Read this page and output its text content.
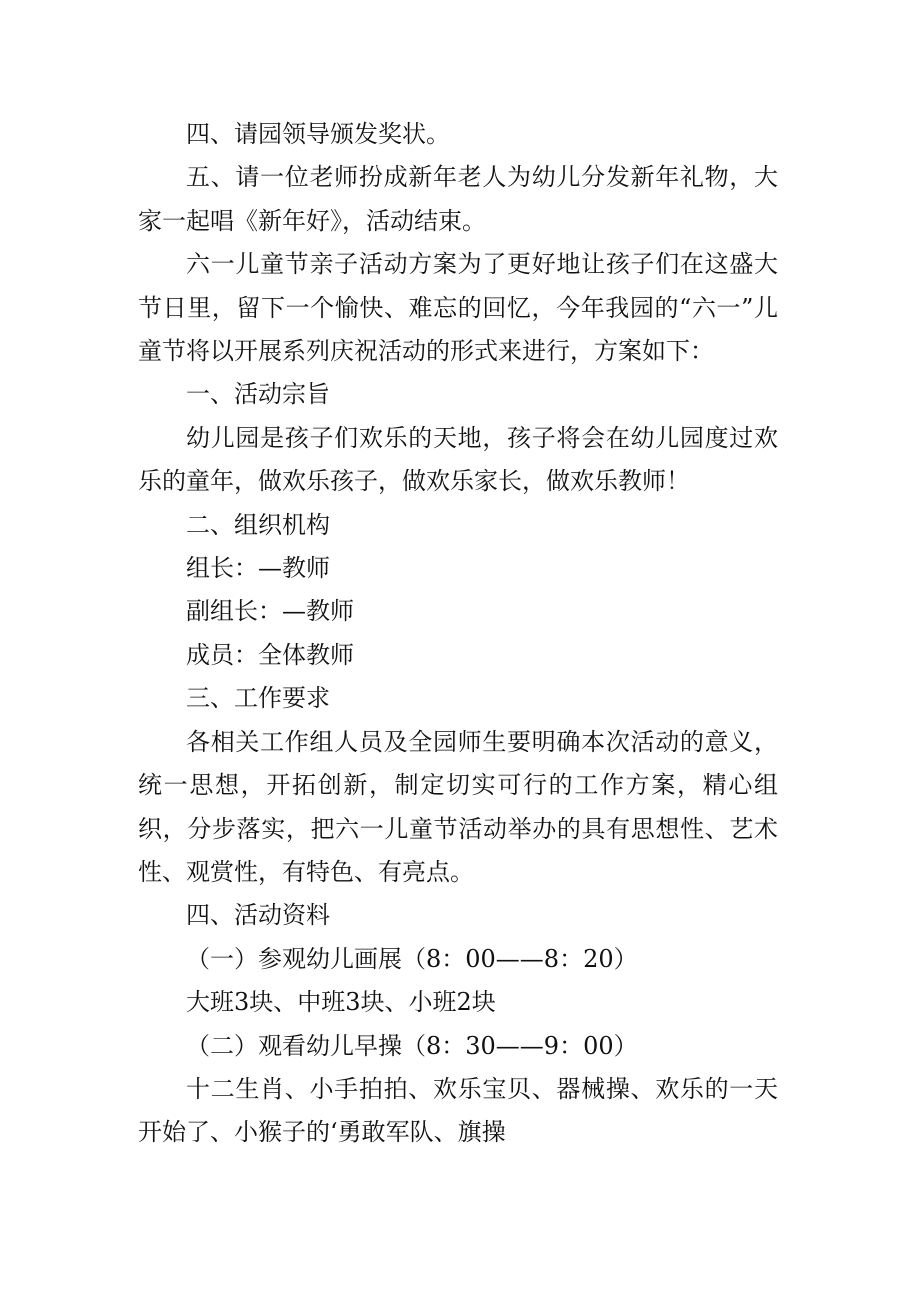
四、请园领导颁发奖状。

五、请一位老师扮成新年老人为幼儿分发新年礼物，大家一起唱《新年好》，活动结束。

六一儿童节亲子活动方案为了更好地让孩子们在这盛大节日里，留下一个愉快、难忘的回忆，今年我园的“六一”儿童节将以开展系列庆祝活动的形式来进行，方案如下：

一、活动宗旨

幼儿园是孩子们欢乐的天地，孩子将会在幼儿园度过欢乐的童年，做欢乐孩子，做欢乐家长，做欢乐教师！

二、组织机构

组长：—教师

副组长：—教师

成员：全体教师

三、工作要求

各相关工作组人员及全园师生要明确本次活动的意义，统一思想，开拓创新，制定切实可行的工作方案，精心组织，分步落实，把六一儿童节活动举办的具有思想性、艺术性、观赏性，有特色、有亮点。

四、活动资料

（一）参观幼儿画展（8：00——8：20）

大班3块、中班3块、小班2块

（二）观看幼儿早操（8：30——9：00）

十二生肖、小手拍拍、欢乐宝贝、器械操、欢乐的一天开始了、小猴子的‘勇敢军队、旗操
